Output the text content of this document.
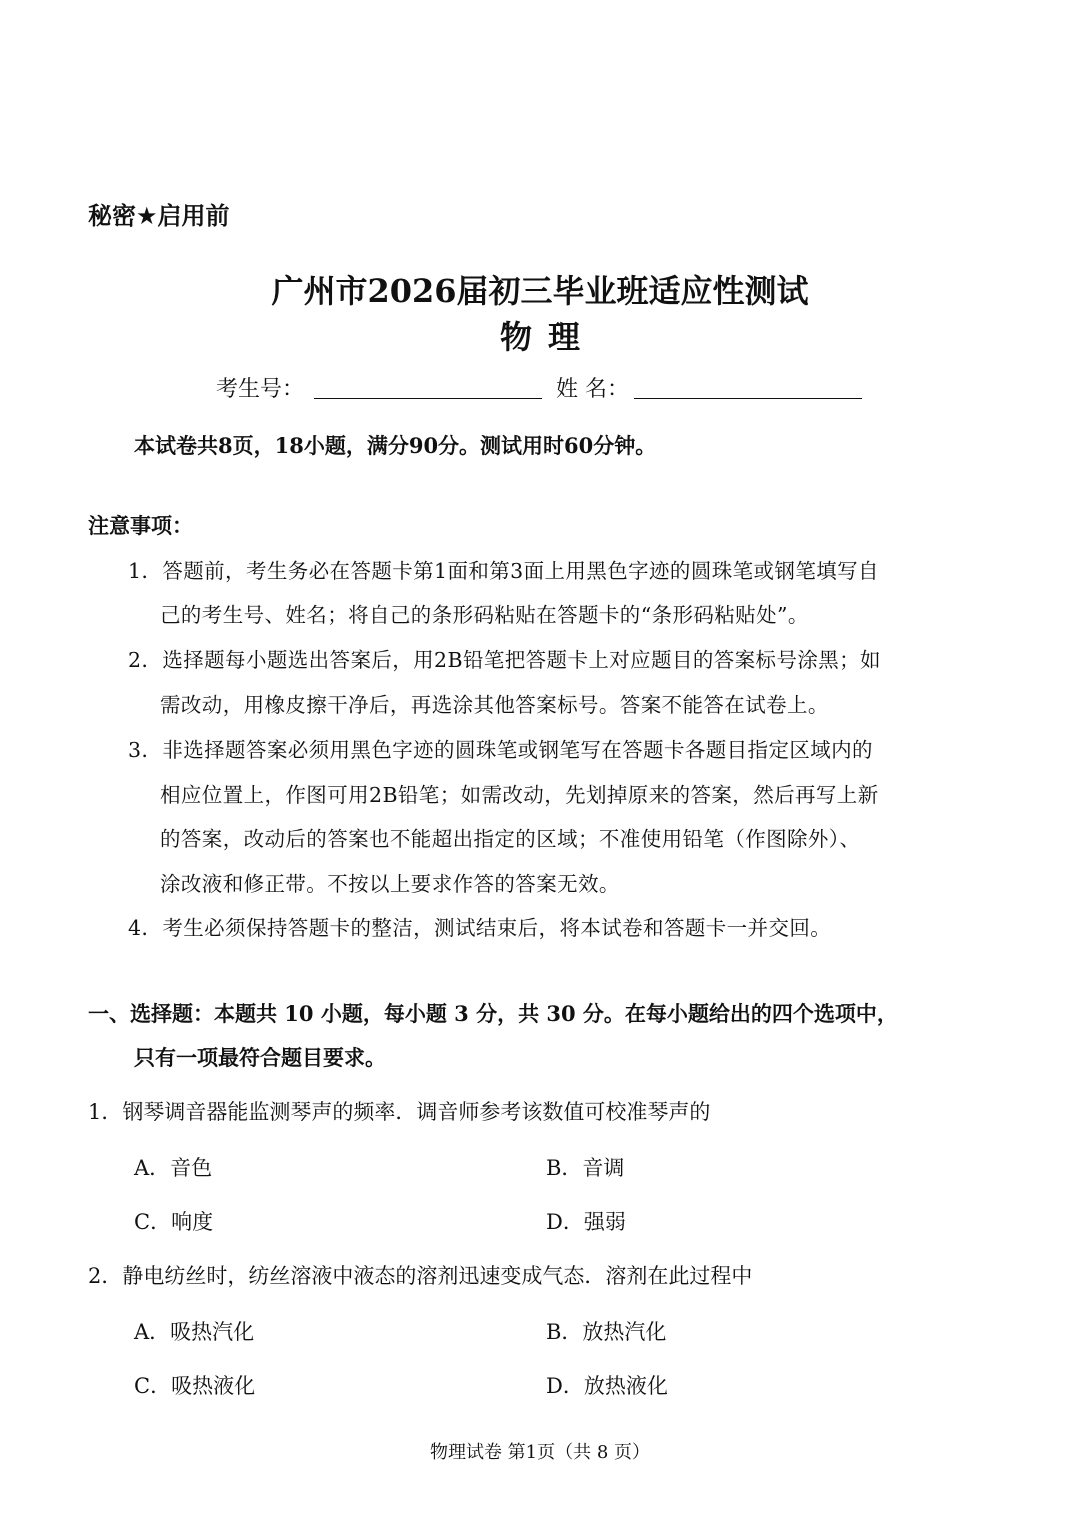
秘密★启用前
广州市2026届初三毕业班适应性测试
物理
考生号：	姓 名：
本试卷共8页，18小题，满分90分。测试用时60分钟。
注意事项：
1．答题前，考生务必在答题卡第1面和第3面上用黑色字迹的圆珠笔或钢笔填写自
己的考生号、姓名；将自己的条形码粘贴在答题卡的“条形码粘贴处”。
2．选择题每小题选出答案后，用2B铅笔把答题卡上对应题目的答案标号涂黑；如
需改动，用橡皮擦干净后，再选涂其他答案标号。答案不能答在试卷上。
3．非选择题答案必须用黑色字迹的圆珠笔或钢笔写在答题卡各题目指定区域内的
相应位置上，作图可用2B铅笔；如需改动，先划掉原来的答案，然后再写上新
的答案，改动后的答案也不能超出指定的区域；不准使用铅笔（作图除外）、
涂改液和修正带。不按以上要求作答的答案无效。
4．考生必须保持答题卡的整洁，测试结束后，将本试卷和答题卡一并交回。
一、选择题：本题共 10 小题，每小题 3 分，共 30 分。在每小题给出的四个选项中，
只有一项最符合题目要求。
1．钢琴调音器能监测琴声的频率．调音师参考该数值可校准琴声的
A．音色	B．音调
C．响度	D．强弱
2．静电纺丝时，纺丝溶液中液态的溶剂迅速变成气态．溶剂在此过程中
A．吸热汽化	B．放热汽化
C．吸热液化	D．放热液化
物理试卷 第1页（共 8 页）
